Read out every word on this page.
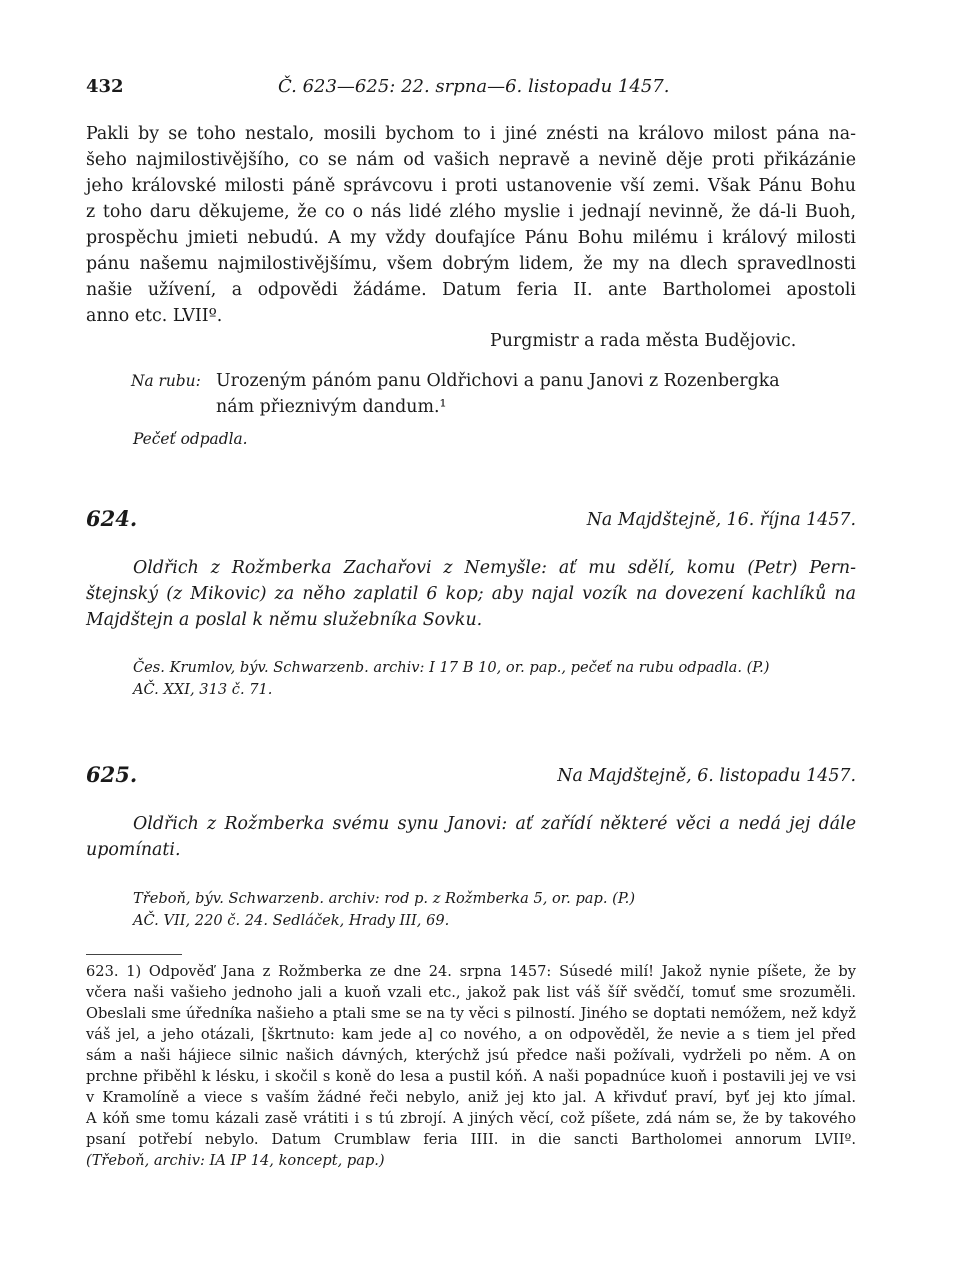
432	Č. 623—625: 22. srpna—6. listopadu 1457.
Pakli by se toho nestalo, mosili bychom to i jiné znésti na královo milost pána na-
šeho najmilostivějšího, co se nám od vašich nepravě a nevině děje proti přikázánie
jeho královské milosti páně správcovu i proti ustanovenie vší zemi. Však Pánu Bohu
z toho daru děkujeme, že co o nás lidé zlého myslie i jednají nevinně, že dá-li Buoh,
prospěchu jmieti nebudú. A my vždy doufajíce Pánu Bohu milému i králový milosti
pánu našemu najmilostivějšímu, všem dobrým lidem, že my na dlech spravedlnosti
našie užívení, a odpovědi žádáme. Datum feria II. ante Bartholomei apostoli
anno etc. LVIIº.
Purgmistr a rada města Budějovic.
Na rubu: Urozeným pánóm panu Oldřichovi a panu Janovi z Rozenbergka
nám přieznivým dandum.¹
Pečeť odpadla.
624.	Na Majdštejně, 16. října 1457.
Oldřich z Rožmberka Zachařovi z Nemyšle: ať mu sdělí, komu (Petr) Pern-
štejnský (z Mikovic) za něho zaplatil 6 kop; aby najal vozík na dovezení kachlíků na
Majdštejn a poslal k němu služebníka Sovku.
Čes. Krumlov, býv. Schwarzenb. archiv: I 17 B 10, or. pap., pečeť na rubu odpadla. (P.)
AČ. XXI, 313 č. 71.
625.	Na Majdštejně, 6. listopadu 1457.
Oldřich z Rožmberka svému synu Janovi: ať zařídí některé věci a nedá jej dále
upomínati.
Třeboň, býv. Schwarzenb. archiv: rod p. z Rožmberka 5, or. pap. (P.)
AČ. VII, 220 č. 24. Sedláček, Hrady III, 69.
623. 1) Odpověď Jana z Rožmberka ze dne 24. srpna 1457: Súsedé milí! Jakož nynie píšete, že by
včera naši vašieho jednoho jali a kuoň vzali etc., jakož pak list váš šíř svědčí, tomuť sme srozuměli.
Obeslali sme úředníka našieho a ptali sme se na ty věci s pilností. Jiného se doptati nemóžem, než když
váš jel, a jeho otázali, [škrtnuto: kam jede a] co nového, a on odpověděl, že nevie a s tiem jel před
sám a naši hájiece silnic našich dávných, kterýchž jsú předce naši požívali, vydrželi po něm. A on
prchne přiběhl k lésku, i skočil s koně do lesa a pustil kóň. A naši popadnúce kuoň i postavili jej ve vsi
v Kramolíně a viece s vaším žádné řeči nebylo, aniž jej kto jal. A křivduť praví, byť jej kto jímal.
A kóň sme tomu kázali zasě vrátiti i s tú zbrojí. A jiných věcí, což píšete, zdá nám se, že by takového
psaní potřebí nebylo. Datum Crumblaw feria IIII. in die sancti Bartholomei annorum LVIIº.
(Třeboň, archiv: IA IP 14, koncept, pap.)
